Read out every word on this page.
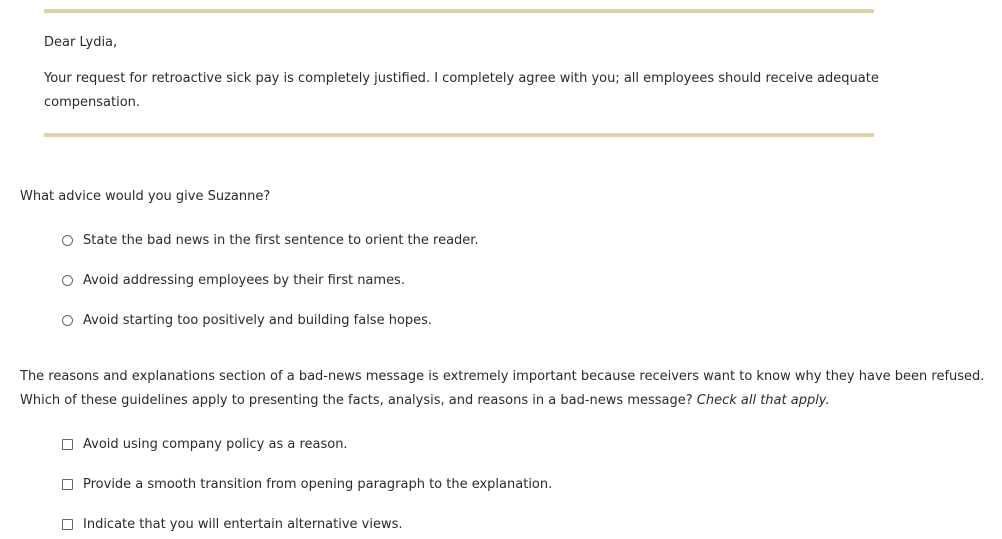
Dear Lydia,
Your request for retroactive sick pay is completely justified. I completely agree with you; all employees should receive adequate
compensation.
What advice would you give Suzanne?
State the bad news in the first sentence to orient the reader.
Avoid addressing employees by their first names.
Avoid starting too positively and building false hopes.
The reasons and explanations section of a bad-news message is extremely important because receivers want to know why they have been refused.
Which of these guidelines apply to presenting the facts, analysis, and reasons in a bad-news message? Check all that apply.
Avoid using company policy as a reason.
Provide a smooth transition from opening paragraph to the explanation.
Indicate that you will entertain alternative views.
